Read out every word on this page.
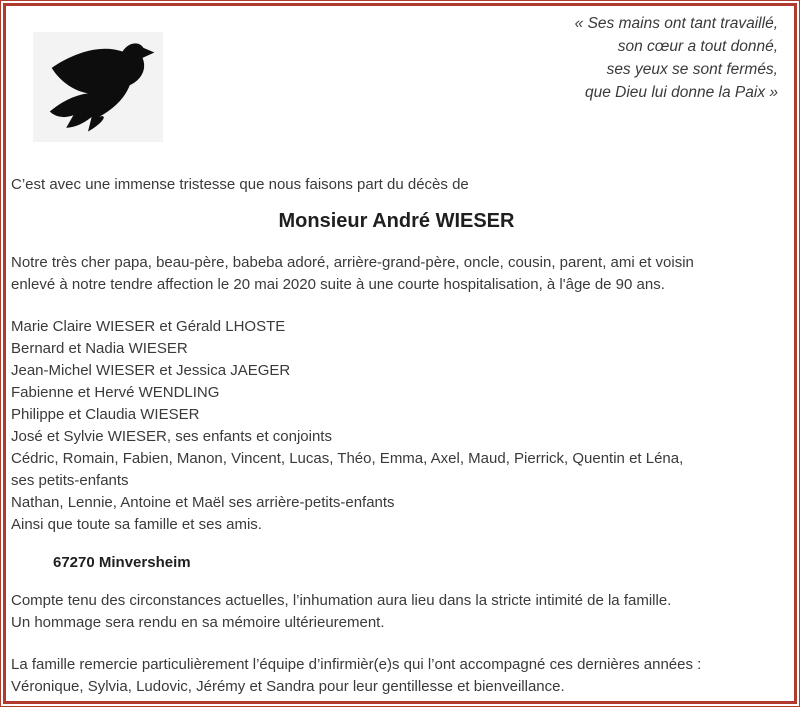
« Ses mains ont tant travaillé,
son cœur a tout donné,
ses yeux se sont fermés,
que Dieu lui donne la Paix »
C’est avec une immense tristesse que nous faisons part du décès de
Monsieur André WIESER
Notre très cher papa, beau-père, babeba adoré, arrière-grand-père, oncle, cousin, parent, ami et voisin
enlevé à notre tendre affection le 20 mai 2020 suite à une courte hospitalisation, à l'âge de 90 ans.
Marie Claire WIESER et Gérald LHOSTE
Bernard et Nadia WIESER
Jean-Michel WIESER et Jessica JAEGER
Fabienne et Hervé WENDLING
Philippe et Claudia WIESER
José et Sylvie WIESER, ses enfants et conjoints
Cédric, Romain, Fabien, Manon, Vincent, Lucas, Théo, Emma, Axel, Maud, Pierrick, Quentin et Léna,
ses petits-enfants
Nathan, Lennie, Antoine et Maël ses arrière-petits-enfants
Ainsi que toute sa famille et ses amis.
67270 Minversheim
Compte tenu des circonstances actuelles, l’inhumation aura lieu dans la stricte intimité de la famille.
Un hommage sera rendu en sa mémoire ultérieurement.
La famille remercie particulièrement l’équipe d’infirmièr(e)s qui l’ont accompagné ces dernières années :
Véronique, Sylvia, Ludovic, Jérémy et Sandra pour leur gentillesse et bienveillance.
